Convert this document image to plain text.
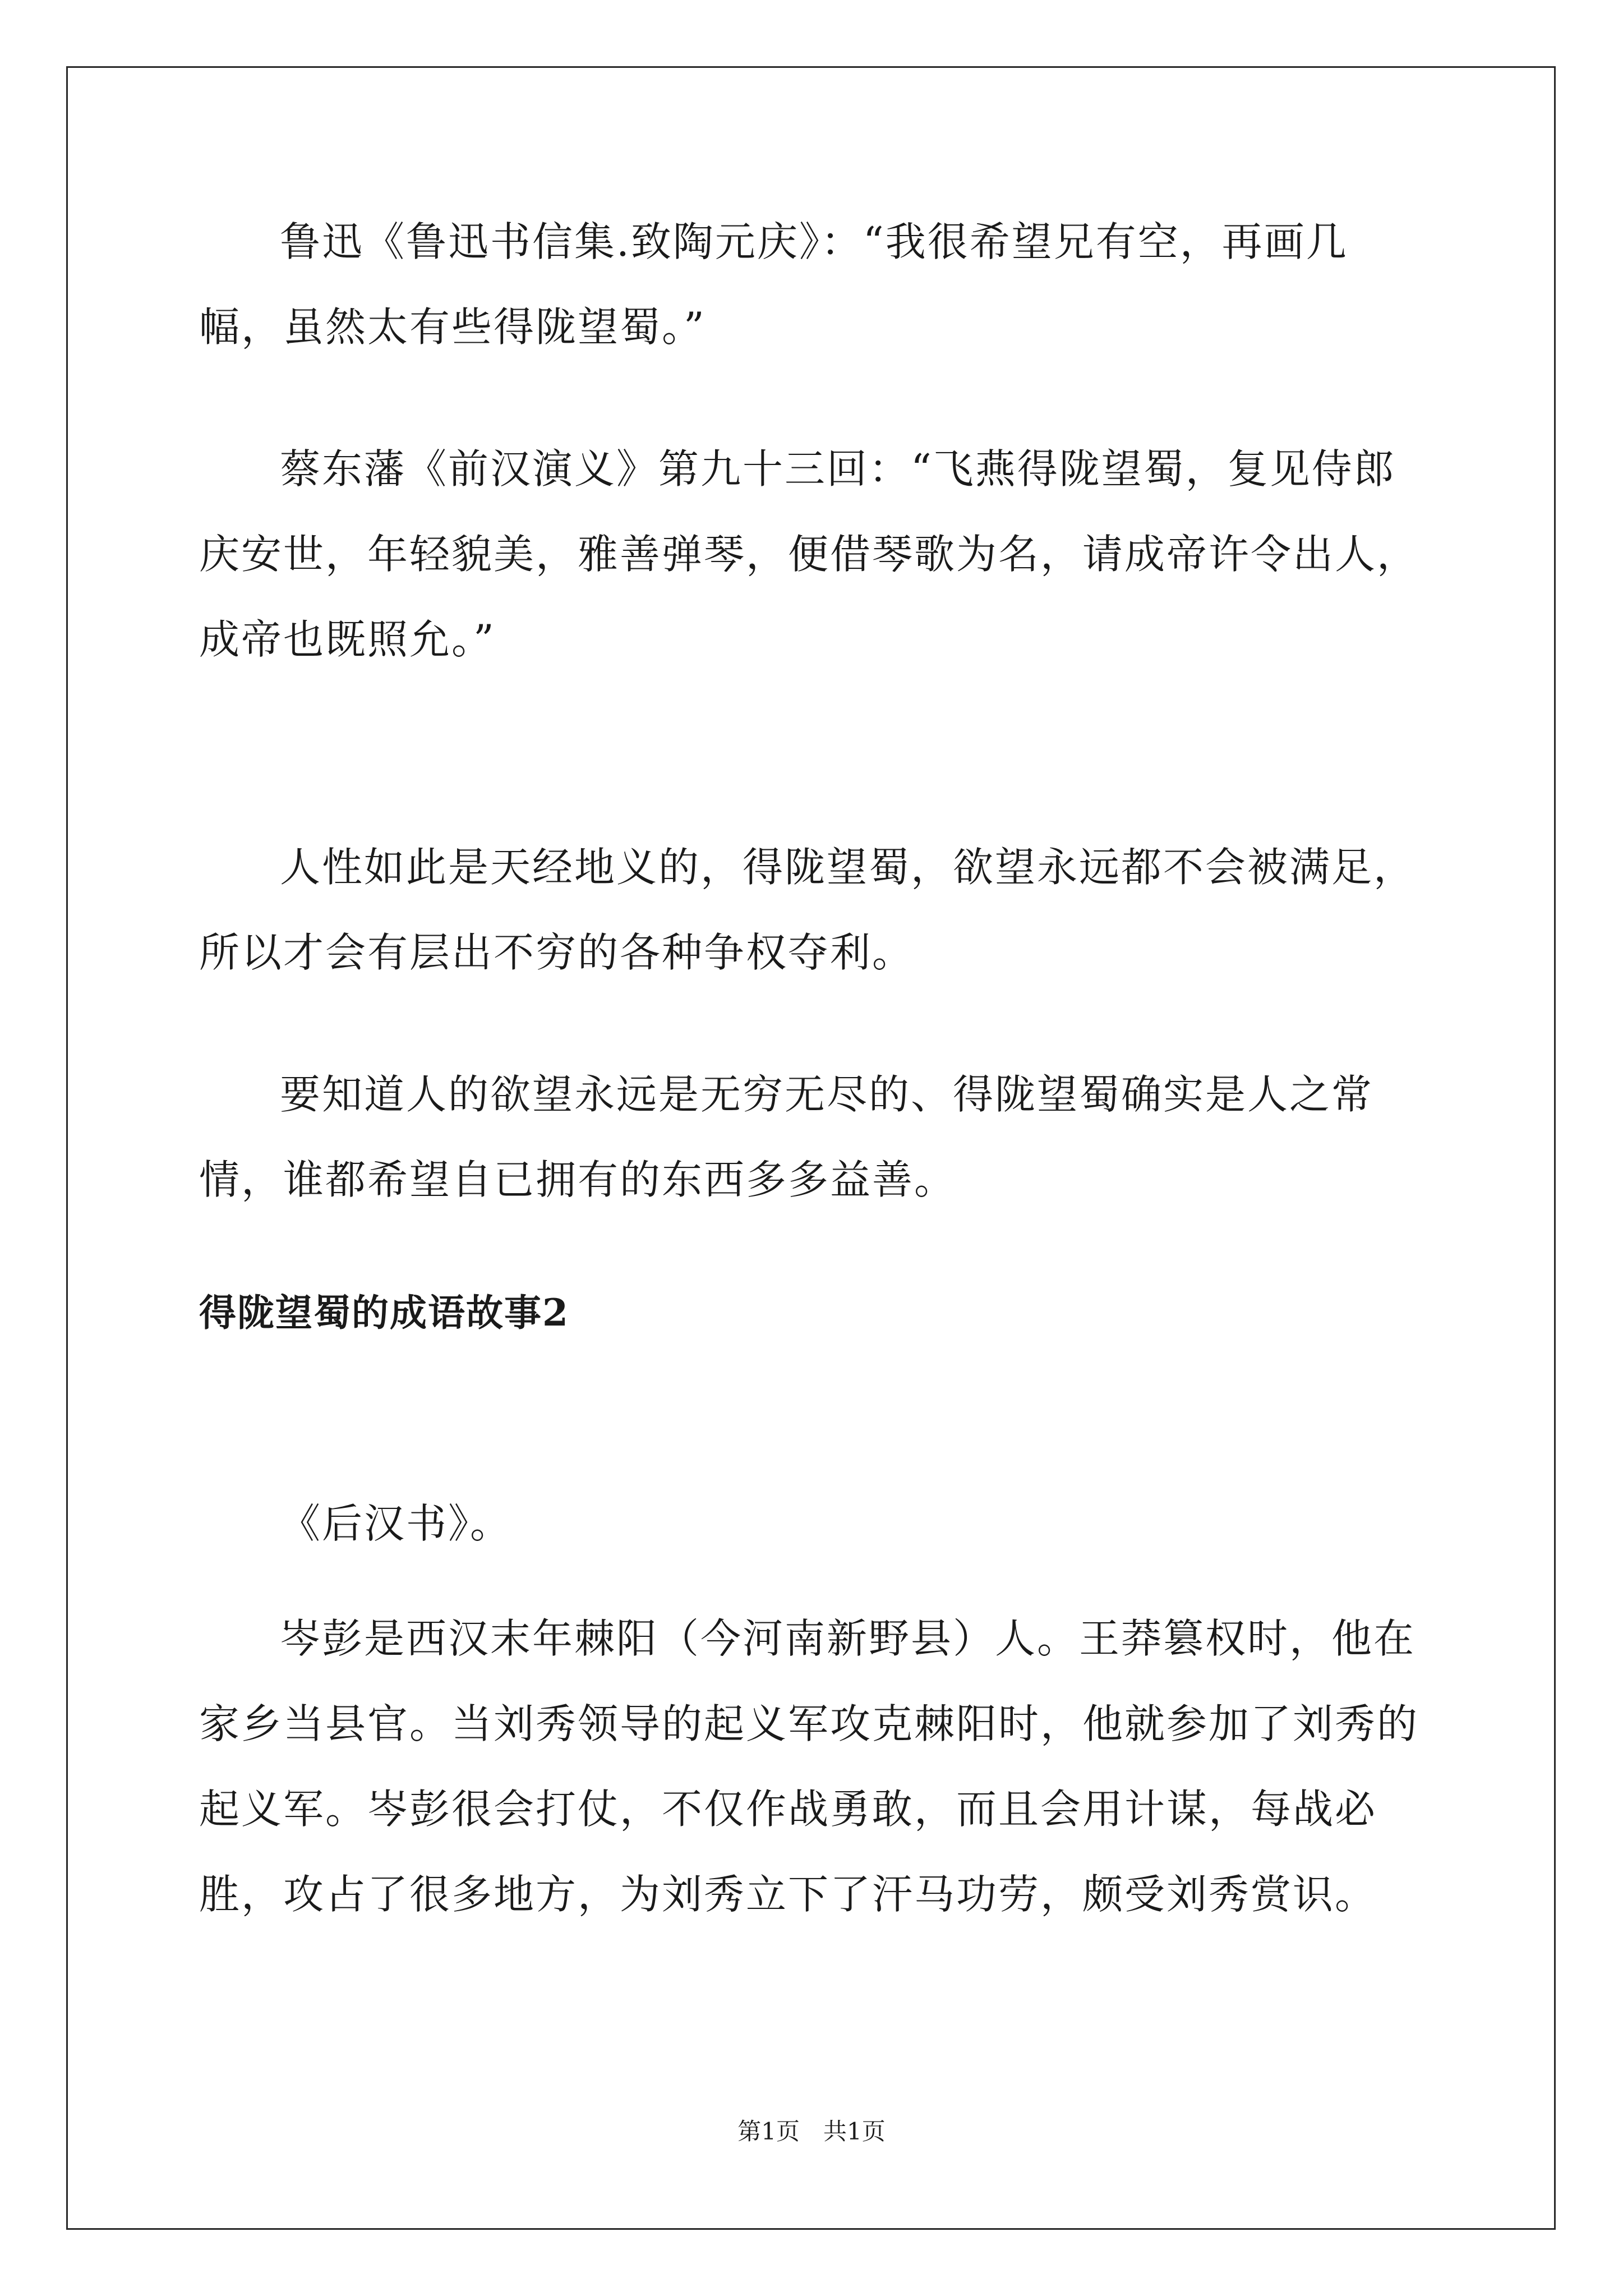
鲁迅《鲁迅书信集.致陶元庆》：“我很希望兄有空，再画几幅，虽然太有些得陇望蜀。”

蔡东藩《前汉演义》第九十三回：“飞燕得陇望蜀，复见侍郎庆安世，年轻貌美，雅善弹琴，便借琴歌为名，请成帝许令出人，成帝也既照允。”

人性如此是天经地义的，得陇望蜀，欲望永远都不会被满足，所以才会有层出不穷的各种争权夺利。

要知道人的欲望永远是无穷无尽的、得陇望蜀确实是人之常情，谁都希望自已拥有的东西多多益善。

得陇望蜀的成语故事2

《后汉书》。

岑彭是西汉末年棘阳（今河南新野县）人。王莽篡权时，他在家乡当县官。当刘秀领导的起义军攻克棘阳时，他就参加了刘秀的起义军。岑彭很会打仗，不仅作战勇敢，而且会用计谋，每战必胜，攻占了很多地方，为刘秀立下了汗马功劳，颇受刘秀赏识。

第1页　共1页
